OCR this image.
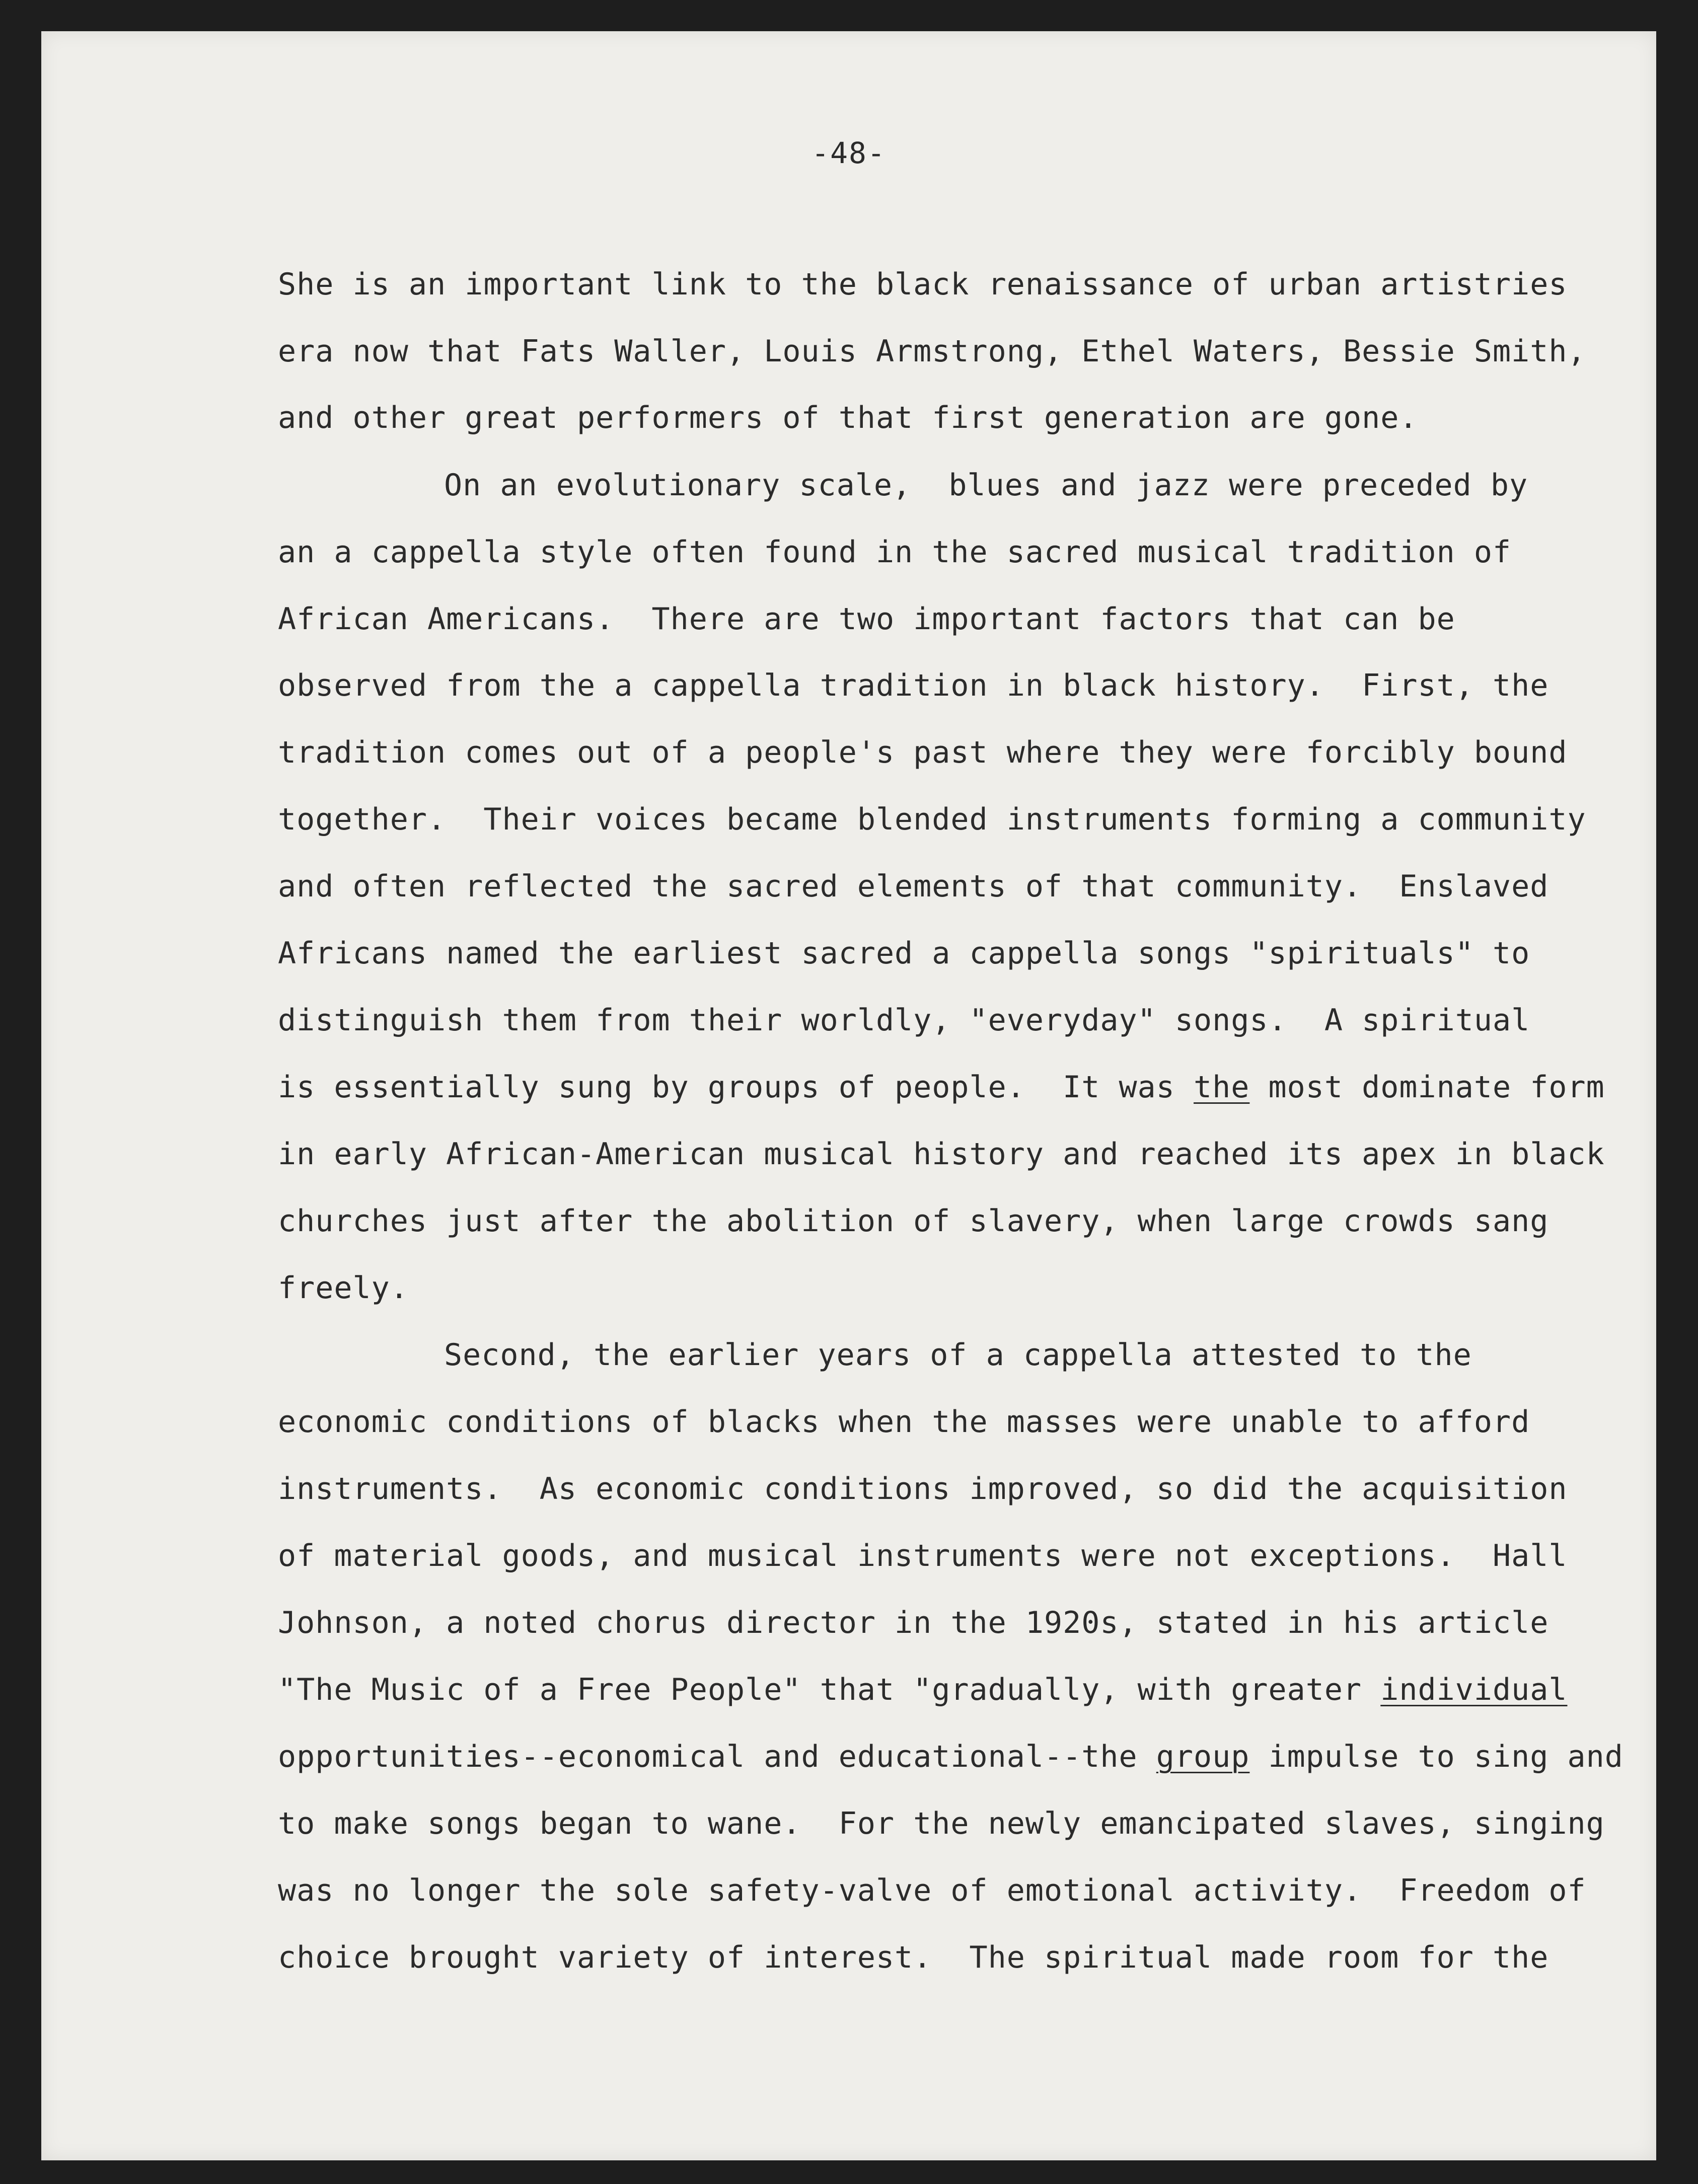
-48-
She is an important link to the black renaissance of urban artistries
era now that Fats Waller, Louis Armstrong, Ethel Waters, Bessie Smith,
and other great performers of that first generation are gone.
On an evolutionary scale,  blues and jazz were preceded by
an a cappella style often found in the sacred musical tradition of
African Americans.  There are two important factors that can be
observed from the a cappella tradition in black history.  First, the
tradition comes out of a people's past where they were forcibly bound
together.  Their voices became blended instruments forming a community
and often reflected the sacred elements of that community.  Enslaved
Africans named the earliest sacred a cappella songs "spirituals" to
distinguish them from their worldly, "everyday" songs.  A spiritual
is essentially sung by groups of people.  It was the most dominate form
in early African-American musical history and reached its apex in black
churches just after the abolition of slavery, when large crowds sang
freely.
Second, the earlier years of a cappella attested to the
economic conditions of blacks when the masses were unable to afford
instruments.  As economic conditions improved, so did the acquisition
of material goods, and musical instruments were not exceptions.  Hall
Johnson, a noted chorus director in the 1920s, stated in his article
"The Music of a Free People" that "gradually, with greater individual
opportunities--economical and educational--the group impulse to sing and
to make songs began to wane.  For the newly emancipated slaves, singing
was no longer the sole safety-valve of emotional activity.  Freedom of
choice brought variety of interest.  The spiritual made room for the
